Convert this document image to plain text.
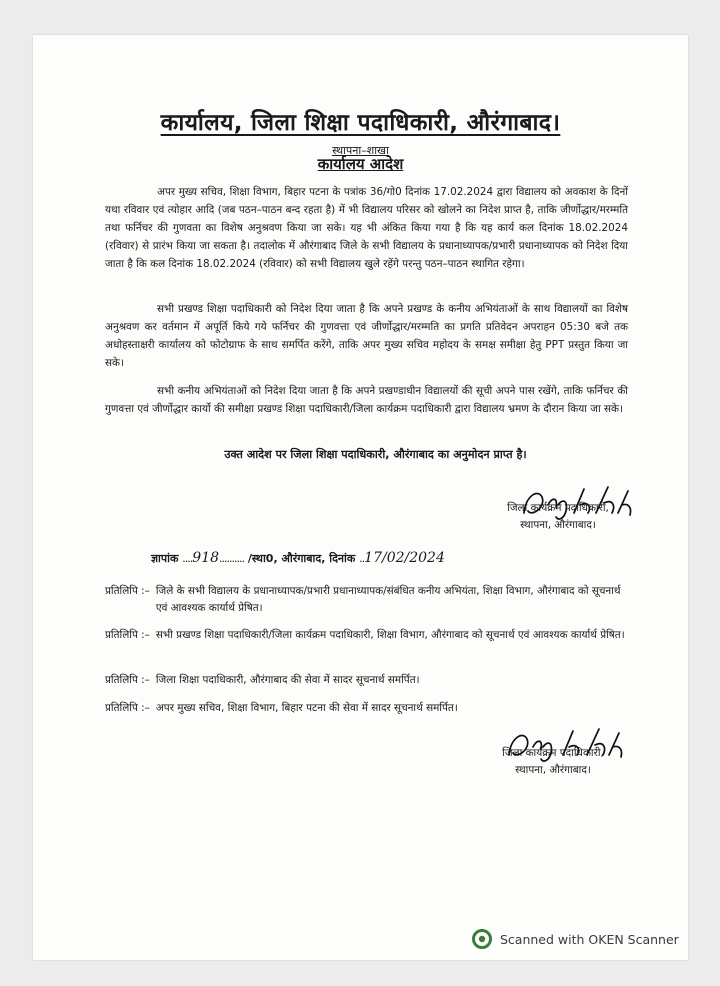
कार्यालय, जिला शिक्षा पदाधिकारी, औरंगाबाद।
स्थापना–शाखा
कार्यालय आदेश

अपर मुख्य सचिव, शिक्षा विभाग, बिहार पटना के पत्रांक 36/गो0 दिनांक 17.02.2024 द्वारा विद्यालय को अवकाश के दिनों यथा रविवार एवं त्योहार आदि (जब पठन–पाठन बन्द रहता है) में भी विद्यालय परिसर को खोलने का निदेश प्राप्त है, ताकि जीर्णोद्धार/मरम्मति तथा फर्निचर की गुणवता का विशेष अनुश्रवण किया जा सके। यह भी अंकित किया गया है कि यह कार्य कल दिनांक 18.02.2024 (रविवार) से प्रारंभ किया जा सकता है। तदालोक में औरंगाबाद जिले के सभी विद्यालय के प्रधानाध्यापक/प्रभारी प्रधानाध्यापक को निदेश दिया जाता है कि कल दिनांक 18.02.2024 (रविवार) को सभी विद्यालय खुले रहेंगे परन्तु पठन–पाठन स्थागित रहेगा।

सभी प्रखण्ड शिक्षा पदाधिकारी को निदेश दिया जाता है कि अपने प्रखण्ड के कनीय अभियंताओं के साथ विद्यालयों का विशेष अनुश्रवण कर वर्तमान में अपूर्ति किये गये फर्निचर की गुणवत्ता एवं जीर्णोद्धार/मरम्मति का प्रगति प्रतिवेदन अपराहन 05:30 बजे तक अधोहस्ताक्षरी कार्यालय को फोटोग्राफ के साथ समर्पित करेंगे, ताकि अपर मुख्य सचिव महोदय के समक्ष समीक्षा हेतु PPT प्रस्तुत किया जा सके।

सभी कनीय अभियंताओं को निदेश दिया जाता है कि अपने प्रखण्डाधीन विद्यालयों की सूची अपने पास रखेंगे, ताकि फर्निचर की गुणवत्ता एवं जीर्णोद्धार कार्यो की समीक्षा प्रखण्ड शिक्षा पदाधिकारी/जिला कार्यक्रम पदाधिकारी द्वारा विद्यालय भ्रमण के दौरान किया जा सके।

उक्त आदेश पर जिला शिक्षा पदाधिकारी, औरंगाबाद का अनुमोदन प्राप्त है।
जिला कार्यक्रम पदाधिकारी,
स्थापना, औरंगाबाद।
ज्ञापांक ....918.......... /स्था0, औरंगाबाद, दिनांक ..17/02/2024
प्रतिलिपि :– जिले के सभी विद्यालय के प्रधानाध्यापक/प्रभारी प्रधानाध्यापक/संबंधित कनीय अभियंता, शिक्षा विभाग, औरंगाबाद को सूचनार्थ एवं आवश्यक कार्यार्थ प्रेषित।
प्रतिलिपि :– सभी प्रखण्ड शिक्षा पदाधिकारी/जिला कार्यक्रम पदाधिकारी, शिक्षा विभाग, औरंगाबाद को सूचनार्थ एवं आवश्यक कार्यार्थ प्रेषित।
प्रतिलिपि :– जिला शिक्षा पदाधिकारी, औरंगाबाद की सेवा में सादर सूचनार्थ समर्पित।
प्रतिलिपि :– अपर मुख्य सचिव, शिक्षा विभाग, बिहार पटना की सेवा में सादर सूचनार्थ समर्पित।
जिला कार्यक्रम पदाधिकारी,
स्थापना, औरंगाबाद।
Scanned with OKEN Scanner
